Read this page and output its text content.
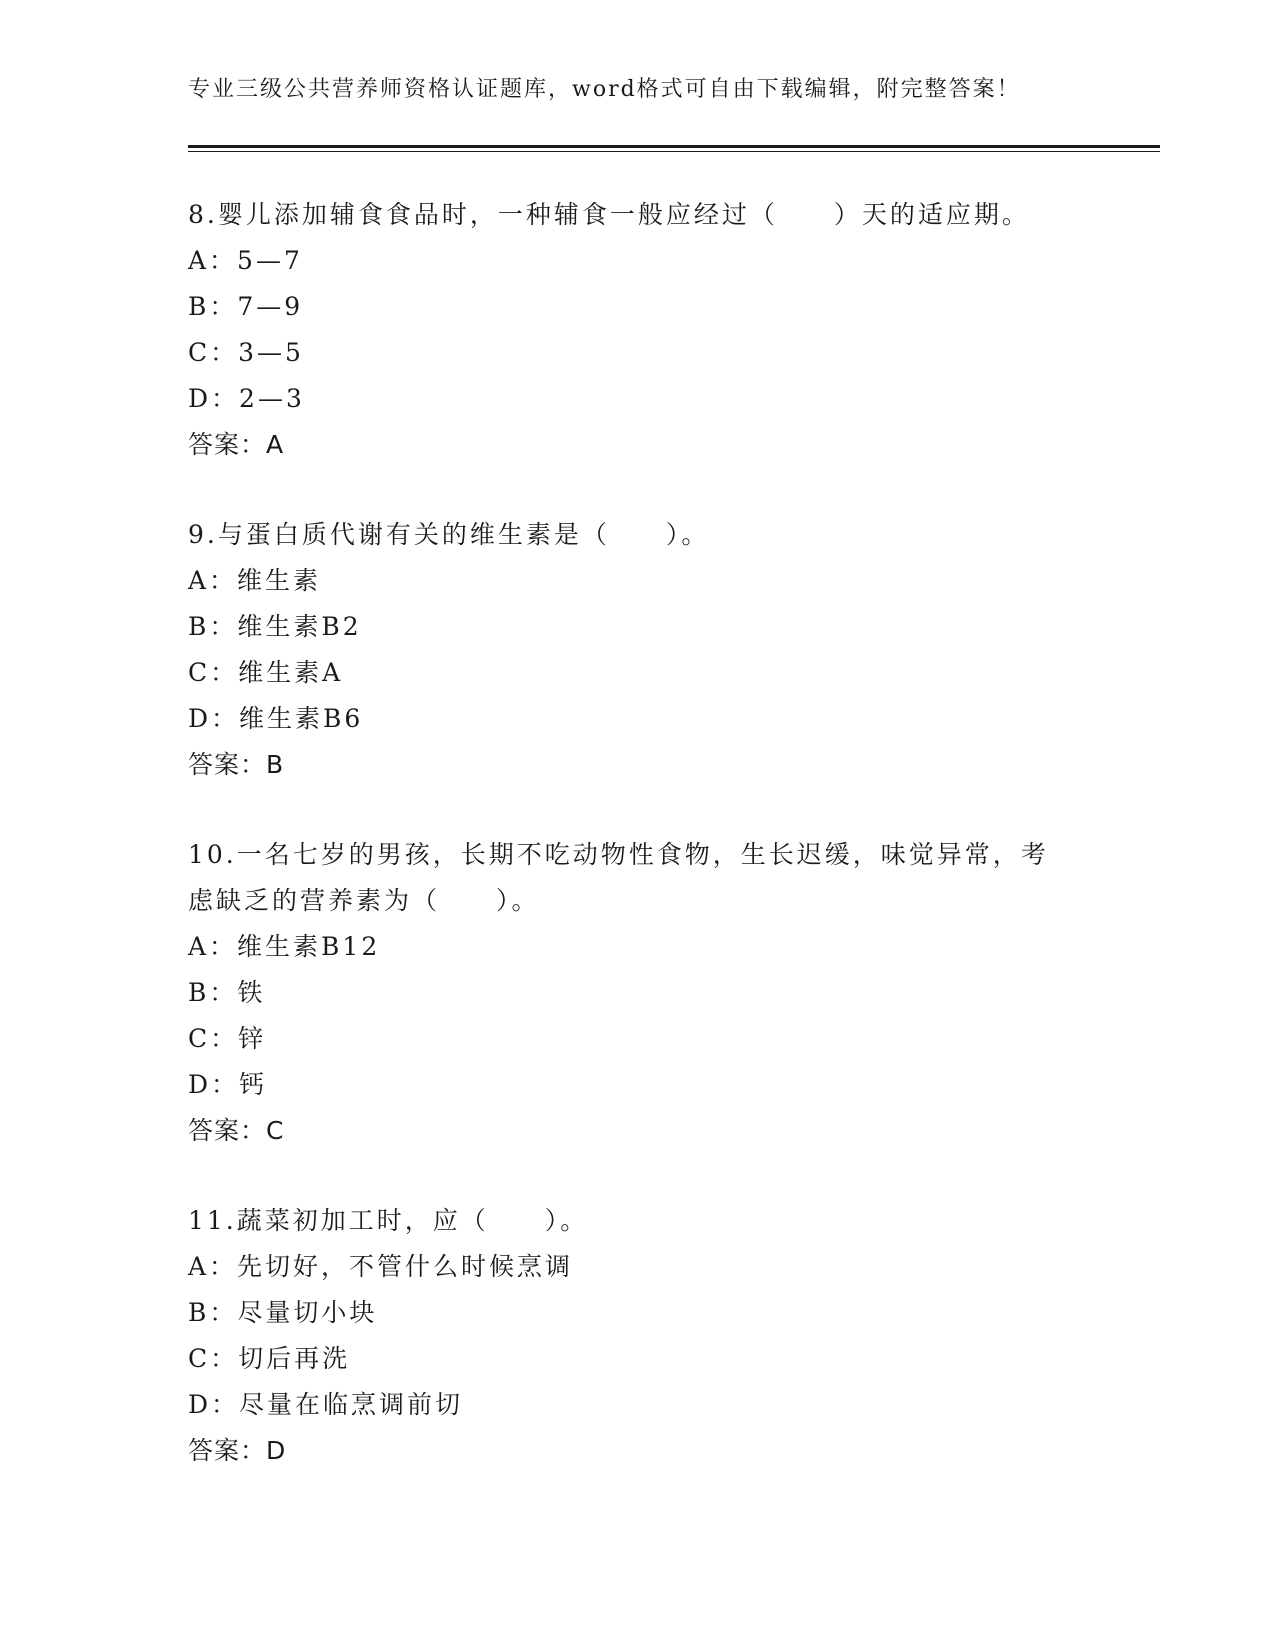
专业三级公共营养师资格认证题库，word格式可自由下载编辑，附完整答案！

8.婴儿添加辅食食品时，一种辅食一般应经过（　　）天的适应期。

A：5—7

B：7—9

C：3—5

D：2—3

答案：A

9.与蛋白质代谢有关的维生素是（　　）。

A：维生素

B：维生素B2

C：维生素A

D：维生素B6

答案：B

10.一名七岁的男孩，长期不吃动物性食物，生长迟缓，味觉异常，考虑缺乏的营养素为（　　）。

A：维生素B12

B：铁

C：锌

D：钙

答案：C

11.蔬菜初加工时，应（　　）。

A：先切好，不管什么时候烹调

B：尽量切小块

C：切后再洗

D：尽量在临烹调前切

答案：D
